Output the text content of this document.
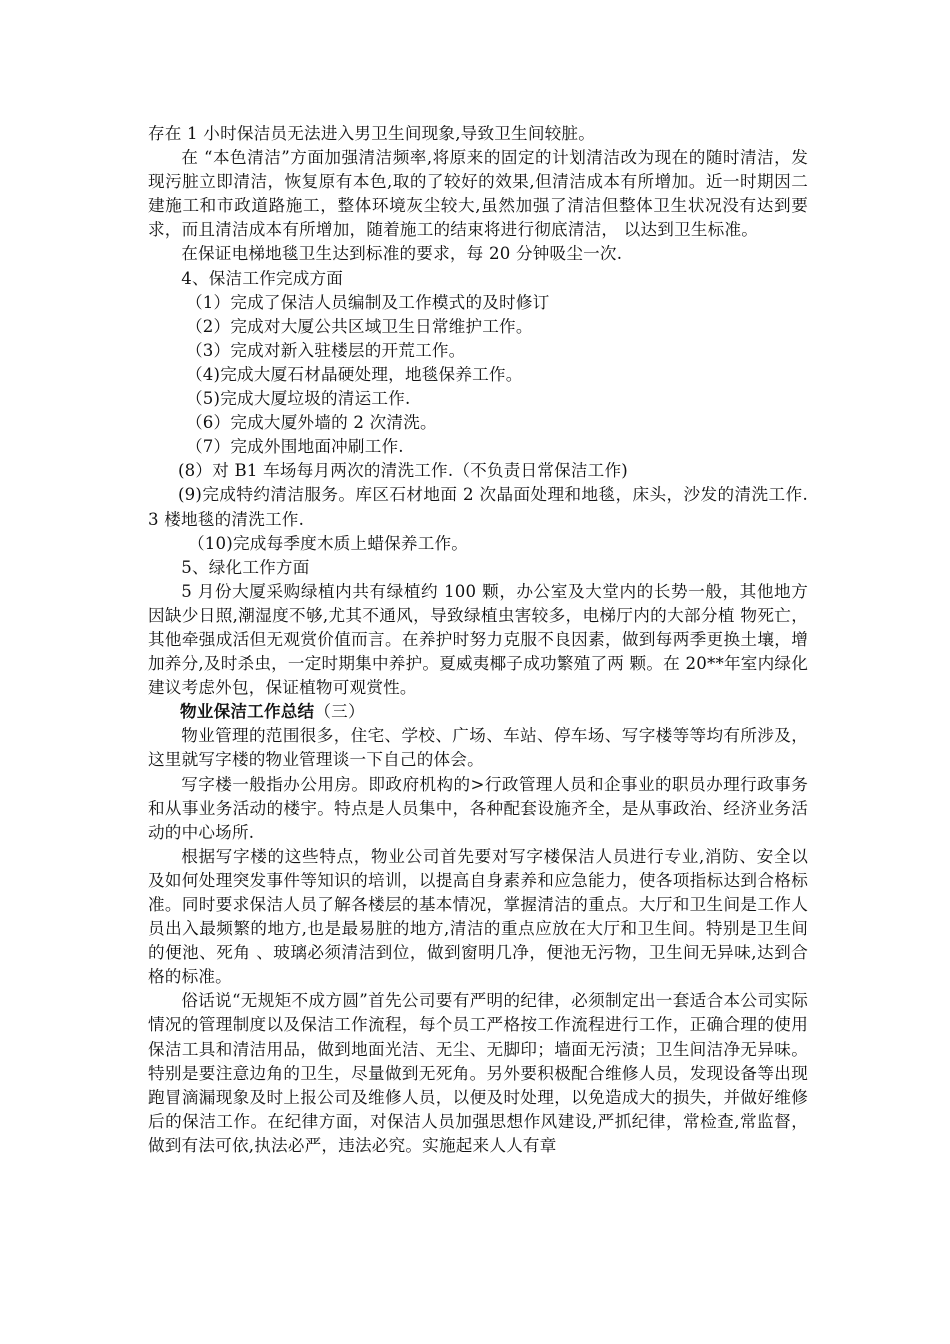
存在 1 小时保洁员无法进入男卫生间现象,导致卫生间较脏。

在 “本色清洁”方面加强清洁频率,将原来的固定的计划清洁改为现在的随时清洁，发现污脏立即清洁，恢复原有本色,取的了较好的效果,但清洁成本有所增加。近一时期因二建施工和市政道路施工，整体环境灰尘较大,虽然加强了清洁但整体卫生状况没有达到要求，而且清洁成本有所增加，随着施工的结束将进行彻底清洁， 以达到卫生标准。

在保证电梯地毯卫生达到标准的要求，每 20 分钟吸尘一次.

4、保洁工作完成方面

（1）完成了保洁人员编制及工作模式的及时修订

（2）完成对大厦公共区域卫生日常维护工作。

（3）完成对新入驻楼层的开荒工作。

（4)完成大厦石材晶硬处理，地毯保养工作。

（5)完成大厦垃圾的清运工作.

（6）完成大厦外墙的 2 次清洗。

（7）完成外围地面冲刷工作.

(8）对 B1 车场每月两次的清洗工作.（不负责日常保洁工作)

(9)完成特约清洁服务。库区石材地面 2 次晶面处理和地毯，床头，沙发的清洗工作.3 楼地毯的清洗工作.

（10)完成每季度木质上蜡保养工作。

5、绿化工作方面

5 月份大厦采购绿植内共有绿植约 100 颗，办公室及大堂内的长势一般，其他地方因缺少日照,潮湿度不够,尤其不通风，导致绿植虫害较多，电梯厅内的大部分植 物死亡，其他牵强成活但无观赏价值而言。在养护时努力克服不良因素，做到每两季更换土壤，增加养分,及时杀虫，一定时期集中养护。夏威夷椰子成功繁殖了两 颗。在 20**年室内绿化建议考虑外包，保证植物可观赏性。

物业保洁工作总结（三）

物业管理的范围很多，住宅、学校、广场、车站、停车场、写字楼等等均有所涉及，这里就写字楼的物业管理谈一下自己的体会。

写字楼一般指办公用房。即政府机构的>行政管理人员和企事业的职员办理行政事务和从事业务活动的楼宇。特点是人员集中，各种配套设施齐全，是从事政治、经济业务活动的中心场所.

根据写字楼的这些特点，物业公司首先要对写字楼保洁人员进行专业,消防、安全以及如何处理突发事件等知识的培训，以提高自身素养和应急能力，使各项指标达到合格标准。同时要求保洁人员了解各楼层的基本情况，掌握清洁的重点。大厅和卫生间是工作人员出入最频繁的地方,也是最易脏的地方,清洁的重点应放在大厅和卫生间。特别是卫生间的便池、死角 、玻璃必须清洁到位，做到窗明几净，便池无污物，卫生间无异味,达到合格的标准。

俗话说“无规矩不成方圆”首先公司要有严明的纪律，必须制定出一套适合本公司实际情况的管理制度以及保洁工作流程，每个员工严格按工作流程进行工作，正确合理的使用保洁工具和清洁用品，做到地面光洁、无尘、无脚印；墙面无污渍；卫生间洁净无异味。特别是要注意边角的卫生，尽量做到无死角。另外要积极配合维修人员，发现设备等出现跑冒滴漏现象及时上报公司及维修人员，以便及时处理，以免造成大的损失，并做好维修后的保洁工作。在纪律方面，对保洁人员加强思想作风建设,严抓纪律，常检查,常监督，做到有法可依,执法必严，违法必究。实施起来人人有章
